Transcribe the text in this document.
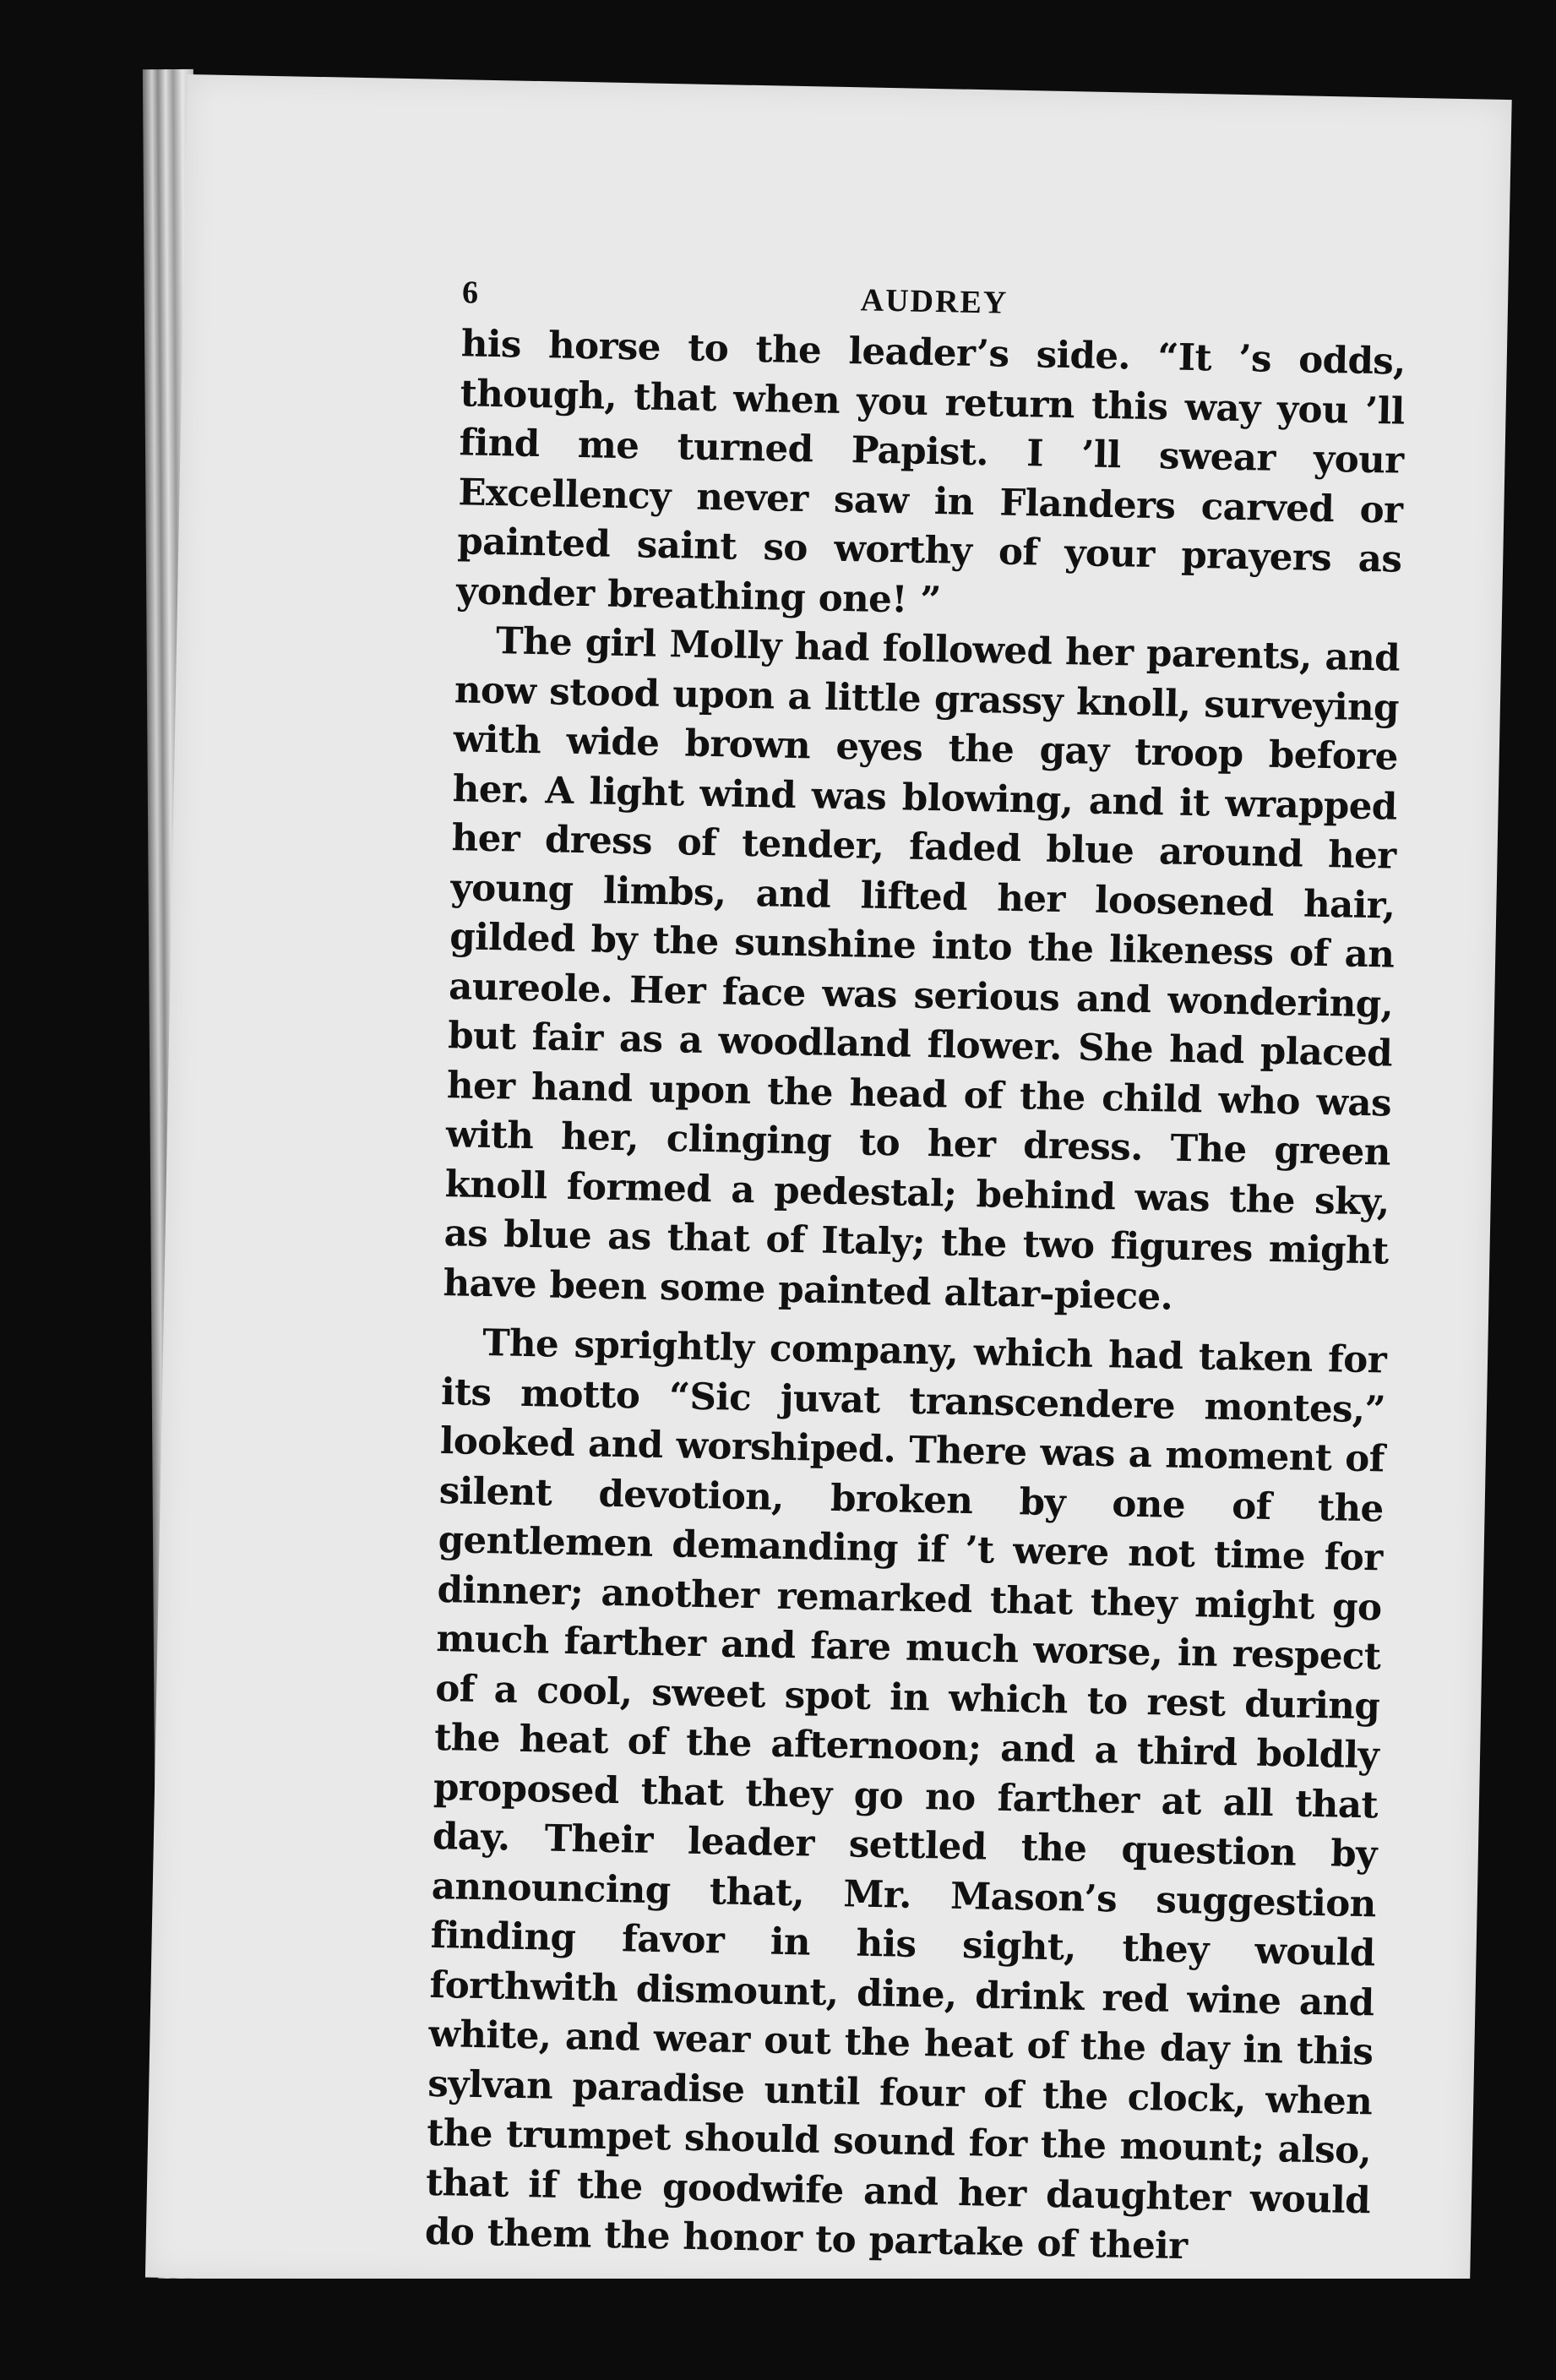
6	AUDREY

his horse to the leader’s side. “It ’s odds, though, that when you return this way you ’ll find me turned Papist. I ’ll swear your Excellency never saw in Flanders carved or painted saint so worthy of your prayers as yonder breathing one! ”

The girl Molly had followed her parents, and now stood upon a little grassy knoll, surveying with wide brown eyes the gay troop before her. A light wind was blowing, and it wrapped her dress of tender, faded blue around her young limbs, and lifted her loosened hair, gilded by the sunshine into the likeness of an aureole. Her face was serious and wondering, but fair as a woodland flower. She had placed her hand upon the head of the child who was with her, clinging to her dress. The green knoll formed a pedestal; behind was the sky, as blue as that of Italy; the two figures might have been some painted altar-piece.

The sprightly company, which had taken for its motto “Sic juvat transcendere montes,” looked and worshiped. There was a moment of silent devotion, broken by one of the gentlemen demanding if ’t were not time for dinner; another remarked that they might go much farther and fare much worse, in respect of a cool, sweet spot in which to rest during the heat of the afternoon; and a third boldly proposed that they go no farther at all that day. Their leader settled the question by announcing that, Mr. Mason’s suggestion finding favor in his sight, they would forthwith dismount, dine, drink red wine and white, and wear out the heat of the day in this sylvan paradise until four of the clock, when the trumpet should sound for the mount; also, that if the goodwife and her daughter would do them the honor to partake of their
